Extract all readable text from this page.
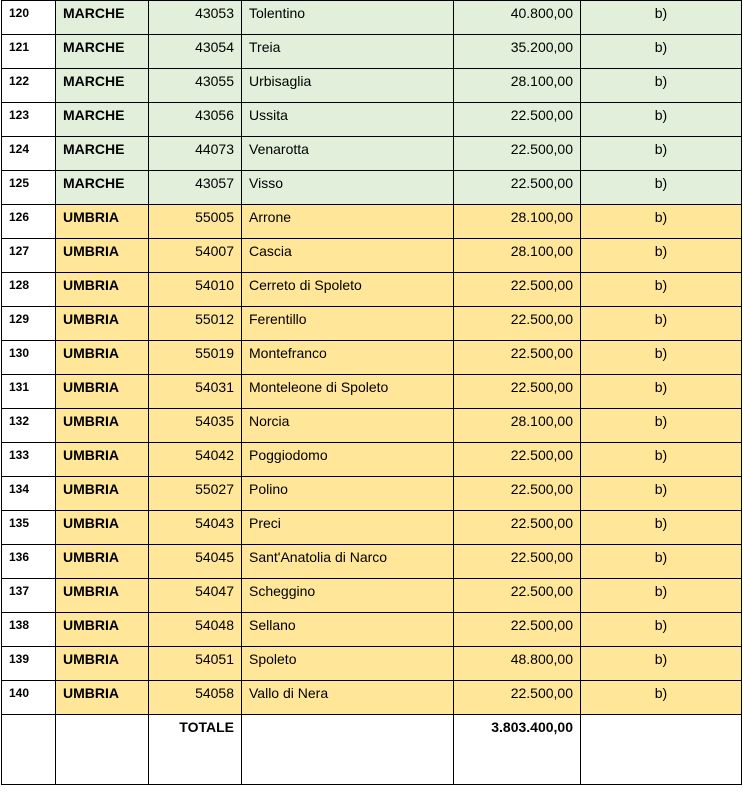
120	MARCHE	43053	Tolentino	40.800,00	b)
121	MARCHE	43054	Treia	35.200,00	b)
122	MARCHE	43055	Urbisaglia	28.100,00	b)
123	MARCHE	43056	Ussita	22.500,00	b)
124	MARCHE	44073	Venarotta	22.500,00	b)
125	MARCHE	43057	Visso	22.500,00	b)
126	UMBRIA	55005	Arrone	28.100,00	b)
127	UMBRIA	54007	Cascia	28.100,00	b)
128	UMBRIA	54010	Cerreto di Spoleto	22.500,00	b)
129	UMBRIA	55012	Ferentillo	22.500,00	b)
130	UMBRIA	55019	Montefranco	22.500,00	b)
131	UMBRIA	54031	Monteleone di Spoleto	22.500,00	b)
132	UMBRIA	54035	Norcia	28.100,00	b)
133	UMBRIA	54042	Poggiodomo	22.500,00	b)
134	UMBRIA	55027	Polino	22.500,00	b)
135	UMBRIA	54043	Preci	22.500,00	b)
136	UMBRIA	54045	Sant'Anatolia di Narco	22.500,00	b)
137	UMBRIA	54047	Scheggino	22.500,00	b)
138	UMBRIA	54048	Sellano	22.500,00	b)
139	UMBRIA	54051	Spoleto	48.800,00	b)
140	UMBRIA	54058	Vallo di Nera	22.500,00	b)
		TOTALE		3.803.400,00	
